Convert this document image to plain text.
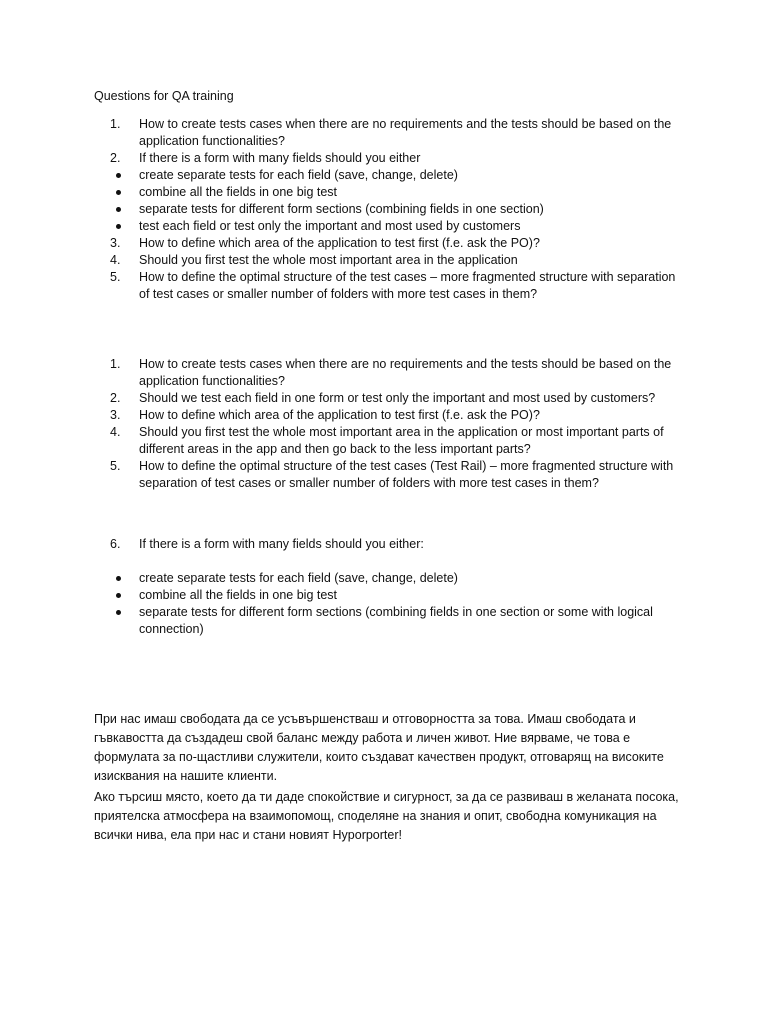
Questions for QA training
1.	How to create tests cases when there are no requirements and the tests should be based on the application functionalities?
2.	If there is a form with many fields should you either
create separate tests for each field (save, change, delete)
combine all the fields in one big test
separate tests for different form sections (combining fields in one section)
test each field or test only the important and most used by customers
3.	How to define which area of the application to test first (f.e. ask the PO)?
4.	Should you first test the whole most important area in the application
5.	How to define the optimal structure of the test cases – more fragmented structure with separation of test cases or smaller number of folders with more test cases in them?
1.	How to create tests cases when there are no requirements and the tests should be based on the application functionalities?
2.	Should we test each field in one form or test only the important and most used by customers?
3.	How to define which area of the application to test first (f.e. ask the PO)?
4.	Should you first test the whole most important area in the application or most important parts of different areas in the app and then go back to the less important parts?
5.	How to define the optimal structure of the test cases (Test Rail) – more fragmented structure with separation of test cases or smaller number of folders with more test cases in them?
6.	If there is a form with many fields should you either:
create separate tests for each field (save, change, delete)
combine all the fields in one big test
separate tests for different form sections (combining fields in one section or some with logical connection)
При нас имаш свободата да се усъвършенстваш и отговорността за това. Имаш свободата и гъвкавостта да създадеш свой баланс между работа и личен живот. Ние вярваме, че това е формулата за по-щастливи служители, които създават качествен продукт, отговарящ на високите изисквания на нашите клиенти.
Ако търсиш място, което да ти даде спокойствие и сигурност, за да се развиваш в желаната посока, приятелска атмосфера на взаимопомощ, споделяне на знания и опит, свободна комуникация на всички нива, ела при нас и стани новият Hyporporter!
